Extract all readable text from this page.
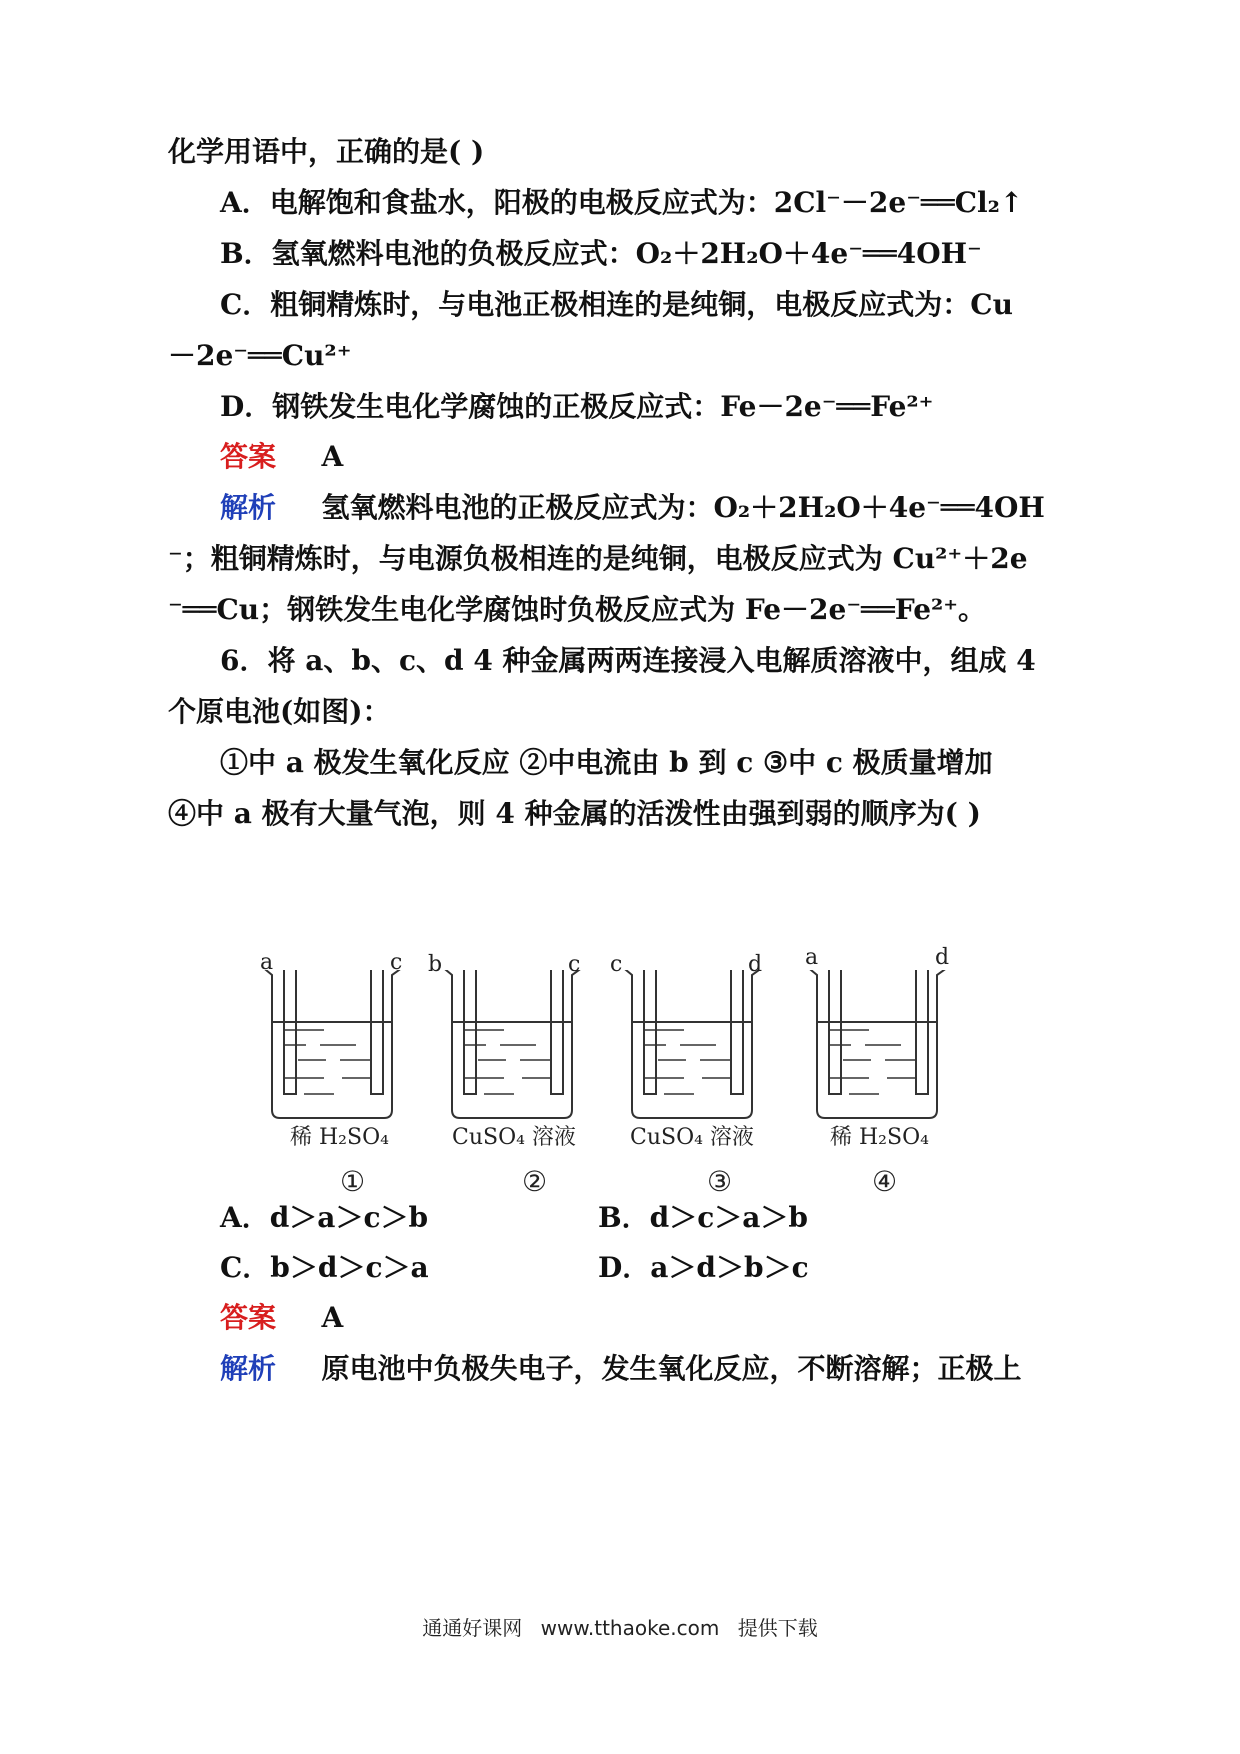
化学用语中，正确的是( )
A．电解饱和食盐水，阳极的电极反应式为：2Cl⁻－2e⁻══Cl₂↑
B．氢氧燃料电池的负极反应式：O₂＋2H₂O＋4e⁻══4OH⁻
C．粗铜精炼时，与电池正极相连的是纯铜，电极反应式为：Cu
－2e⁻══Cu²⁺
D．钢铁发生电化学腐蚀的正极反应式：Fe－2e⁻══Fe²⁺
答案 A
解析 氢氧燃料电池的正极反应式为：O₂＋2H₂O＋4e⁻══4OH
⁻；粗铜精炼时，与电源负极相连的是纯铜，电极反应式为 Cu²⁺＋2e
⁻══Cu；钢铁发生电化学腐蚀时负极反应式为 Fe－2e⁻══Fe²⁺。
6．将 a、b、c、d 4 种金属两两连接浸入电解质溶液中，组成 4
个原电池(如图)：
①中 a 极发生氧化反应 ②中电流由 b 到 c ③中 c 极质量增加
④中 a 极有大量气泡，则 4 种金属的活泼性由强到弱的顺序为( )
a	c
稀 H₂SO₄
①
b	c
CuSO₄ 溶液
②
c	d
CuSO₄ 溶液
③
a	d
稀 H₂SO₄
④
A．d＞a＞c＞b	B．d＞c＞a＞b
C．b＞d＞c＞a	D．a＞d＞b＞c
答案 A
解析 原电池中负极失电子，发生氧化反应，不断溶解；正极上
通通好课网 www.tthaoke.com 提供下载
